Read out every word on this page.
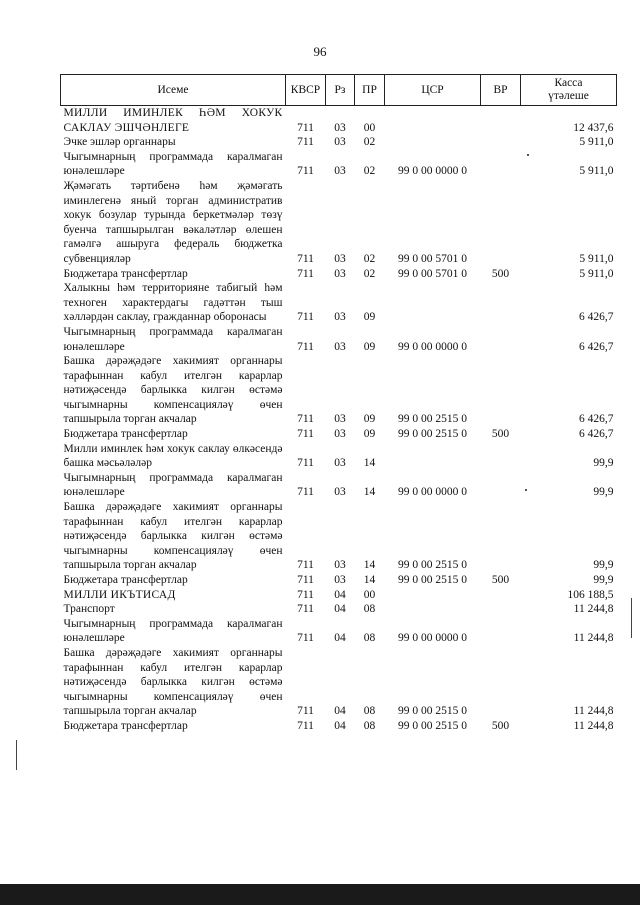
96
Исеме	КВСР	Рз	ПР	ЦСР	ВР	Касса
үтәлеше
МИЛЛИ ИМИНЛЕК ҺӘМ ХОКУК САКЛАУ ЭШЧӘНЛЕГЕ	711	03	00			12 437,6
Эчке эшләр органнары	711	03	02			5 911,0
Чыгымнарның программада каралмаган юнәлешләре	711	03	02	99 0 00 0000 0		5 911,0
Җәмәгать тәртибенә һәм җәмәгать иминлегенә яный торган административ хокук бозулар турында беркетмәләр төзү буенча тапшырылган вәкаләтләр өлешен гамәлгә ашыруга федераль бюджетка субвенцияләр	711	03	02	99 0 00 5701 0		5 911,0
Бюджетара трансфертлар	711	03	02	99 0 00 5701 0	500	5 911,0
Халыкны һәм территорияне табигый һәм техноген характердагы гадәттән тыш хәлләрдән саклау, гражданнар оборонасы	711	03	09			6 426,7
Чыгымнарның программада каралмаган юнәлешләре	711	03	09	99 0 00 0000 0		6 426,7
Башка дәрәҗәдәге хакимият органнары тарафыннан кабул ителгән карарлар нәтиҗәсендә барлыкка килгән өстәмә чыгымнарны компенсацияләү өчен тапшырыла торган акчалар	711	03	09	99 0 00 2515 0		6 426,7
Бюджетара трансфертлар	711	03	09	99 0 00 2515 0	500	6 426,7
Милли иминлек һәм хокук саклау өлкәсендә башка мәсьәләләр	711	03	14			99,9
Чыгымнарның программада каралмаган юнәлешләре	711	03	14	99 0 00 0000 0		99,9
Башка дәрәҗәдәге хакимият органнары тарафыннан кабул ителгән карарлар нәтиҗәсендә барлыкка килгән өстәмә чыгымнарны компенсацияләү өчен тапшырыла торган акчалар	711	03	14	99 0 00 2515 0		99,9
Бюджетара трансфертлар	711	03	14	99 0 00 2515 0	500	99,9
МИЛЛИ ИКЪТИСАД	711	04	00			106 188,5
Транспорт	711	04	08			11 244,8
Чыгымнарның программада каралмаган юнәлешләре	711	04	08	99 0 00 0000 0		11 244,8
Башка дәрәҗәдәге хакимият органнары тарафыннан кабул ителгән карарлар нәтиҗәсендә барлыкка килгән өстәмә чыгымнарны компенсацияләү өчен тапшырыла торган акчалар	711	04	08	99 0 00 2515 0		11 244,8
Бюджетара трансфертлар	711	04	08	99 0 00 2515 0	500	11 244,8
